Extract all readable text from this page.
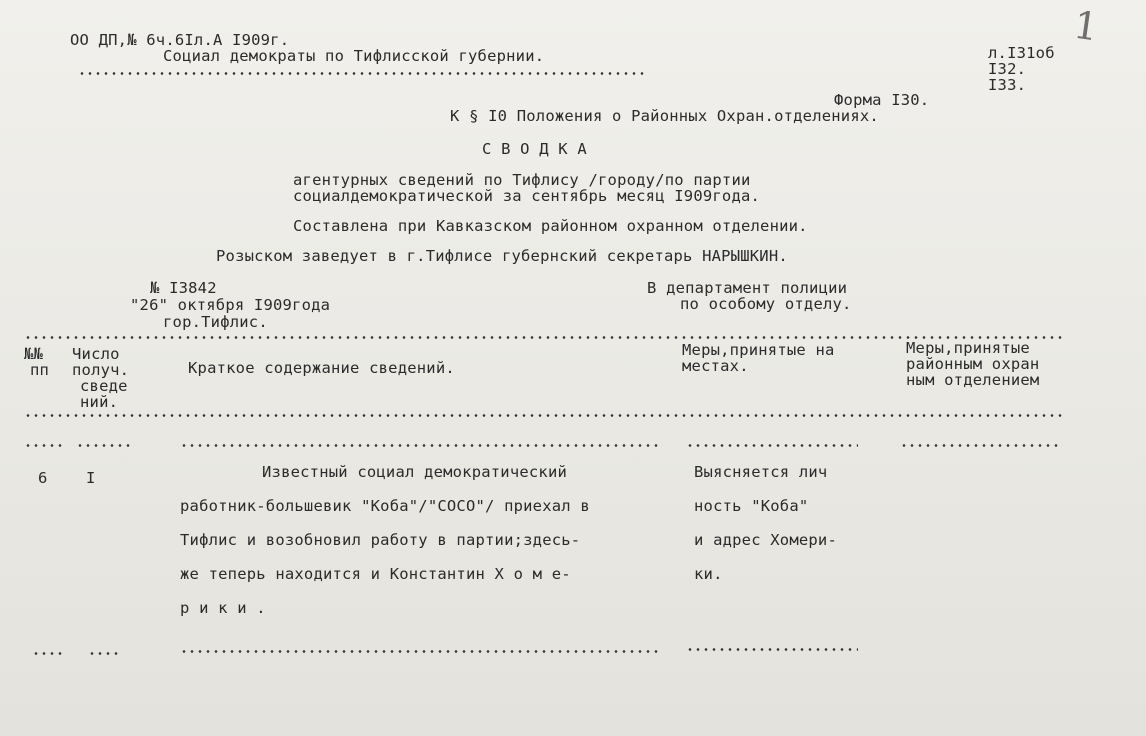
ОО ДП,№ 6ч.6Iл.А I909г.
Социал демократы по Тифлисской губернии.	л.I31об
I32.
I33.
1
Форма I30.
К § I0 Положения о Районных Охран.отделениях.
С В О Д К А
агентурных сведений по Тифлису /городу/по партии
социалдемократической за сентябрь месяц I909года.
Составлена при Кавказском районном охранном отделении.
Розыском заведует в г.Тифлисе губернский секретарь НАРЫШКИН.
№ I3842
"26" октября I909года
гор.Тифлис.
В департамент полиции
по особому отделу.
№№
пп
Число
получ.
сведе
ний.
Краткое содержание сведений.
Меры,принятые на
местах.
Меры,принятые
районным охран
ным отделением
6 I	Известный социал демократический
работник-большевик "Коба"/"СОСО"/ приехал в
Тифлис и возобновил работу в партии;здесь-
же теперь находится и Константин Х о м е-
р и к и .
Выясняется лич
ность "Коба"
и адрес Хомери-
ки.
